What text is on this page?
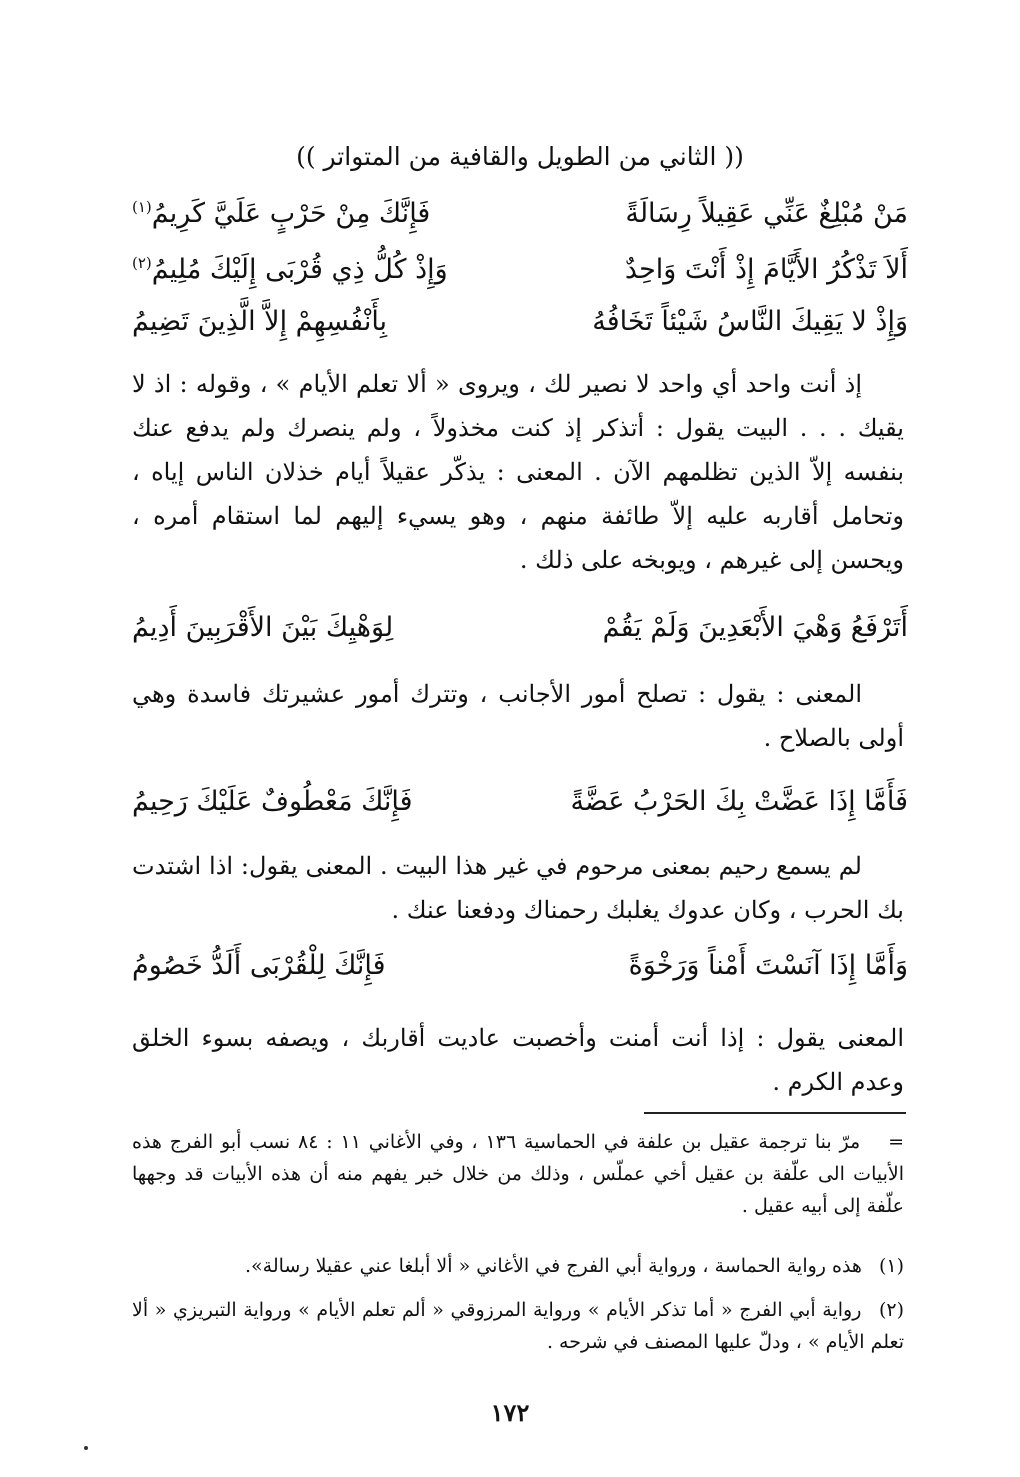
(( الثاني من الطويل والقافية من المتواتر ))
مَنْ مُبْلِغٌ عَنِّي عَقِيلاً رِسَالَةً
فَإِنَّكَ مِنْ حَرْبٍ عَلَيَّ كَرِيمُ$^{(١)}$
أَلاَ تَذْكُرُ الأَيَّامَ إِذْ أَنْتَ وَاحِدٌ
وَإِذْ كُلُّ ذِي قُرْبَى إِلَيْكَ مُلِيمُ$^{(٢)}$
وَإِذْ لا يَقِيكَ النَّاسُ شَيْئاً تَخَافُهُ
بِأَنْفُسِهِمْ إِلاَّ الَّذِينَ تَضِيمُ
إذ أنت واحد أي واحد لا نصير لك ، ويروى « ألا تعلم الأيام » ، وقوله : اذ لا يقيك . . . البيت يقول : أتذكر إذ كنت مخذولاً ، ولم ينصرك ولم يدفع عنك بنفسه إلاّ الذين تظلمهم الآن . المعنى : يذكّر عقيلاً أيام خذلان الناس إياه ، وتحامل أقاربه عليه إلاّ طائفة منهم ، وهو يسيء إليهم لما استقام أمره ، ويحسن إلى غيرهم ، ويوبخه على ذلك .
أَتَرْفَعُ وَهْيَ الأَبْعَدِينَ وَلَمْ يَقُمْ
لِوَهْيِكَ بَيْنَ الأَقْرَبِينَ أَدِيمُ
المعنى : يقول : تصلح أمور الأجانب ، وتترك أمور عشيرتك فاسدة وهي أولى بالصلاح .
فَأَمَّا إِذَا عَضَّتْ بِكَ الحَرْبُ عَضَّةً
فَإِنَّكَ مَعْطُوفٌ عَلَيْكَ رَحِيمُ
لم يسمع رحيم بمعنى مرحوم في غير هذا البيت . المعنى يقول: اذا اشتدت بك الحرب ، وكان عدوك يغلبك رحمناك ودفعنا عنك .
وَأَمَّا إِذَا آنَسْتَ أَمْناً وَرَخْوَةً
فَإِنَّكَ لِلْقُرْبَى أَلَدُّ خَصُومُ
المعنى يقول : إذا أنت أمنت وأخصبت عاديت أقاربك ، ويصفه بسوء الخلق وعدم الكرم .
= مرّ بنا ترجمة عقيل بن علفة في الحماسية ١٣٦ ، وفي الأغاني ١١ : ٨٤ نسب أبو الفرج هذه الأبيات الى علّفة بن عقيل أخي عملّس ، وذلك من خلال خبر يفهم منه أن هذه الأبيات قد وجهها علّفة إلى أبيه عقيل .
(١) هذه رواية الحماسة ، ورواية أبي الفرج في الأغاني « ألا أبلغا عني عقيلا رسالة».
(٢) رواية أبي الفرج « أما تذكر الأيام » ورواية المرزوقي « ألم تعلم الأيام » ورواية التبريزي « ألا تعلم الأيام » ، ودلّ عليها المصنف في شرحه .
١٧٢
